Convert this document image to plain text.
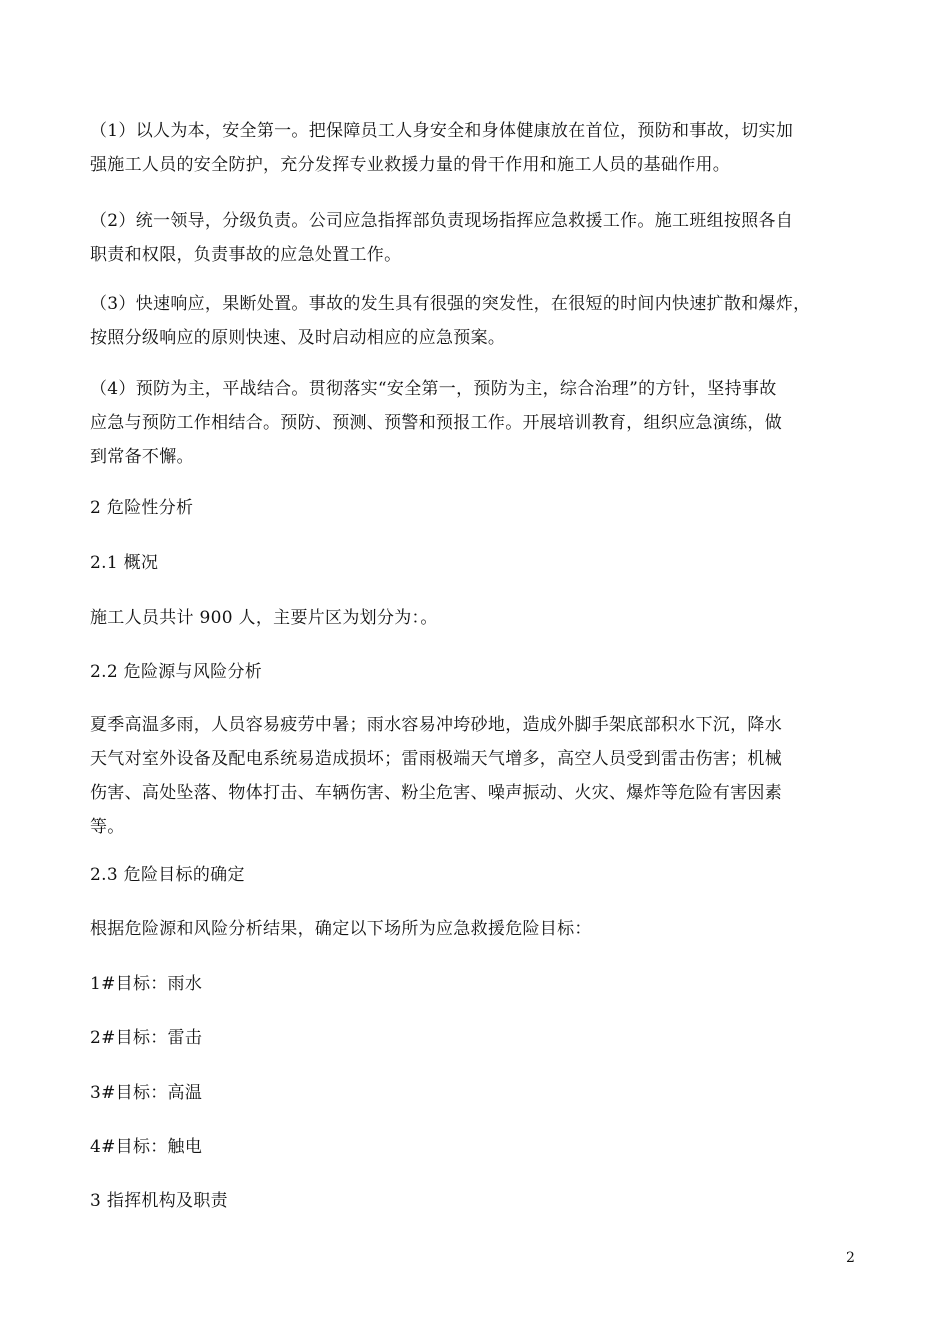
（1）以人为本，安全第一。把保障员工人身安全和身体健康放在首位，预防和事故，切实加
强施工人员的安全防护，充分发挥专业救援力量的骨干作用和施工人员的基础作用。

（2）统一领导，分级负责。公司应急指挥部负责现场指挥应急救援工作。施工班组按照各自
职责和权限，负责事故的应急处置工作。

（3）快速响应，果断处置。事故的发生具有很强的突发性，在很短的时间内快速扩散和爆炸，
按照分级响应的原则快速、及时启动相应的应急预案。

（4）预防为主，平战结合。贯彻落实“安全第一，预防为主，综合治理”的方针，坚持事故
应急与预防工作相结合。预防、预测、预警和预报工作。开展培训教育，组织应急演练，做
到常备不懈。

2 危险性分析

2.1 概况

施工人员共计 900 人，主要片区为划分为：。

2.2 危险源与风险分析

夏季高温多雨，人员容易疲劳中暑；雨水容易冲垮砂地，造成外脚手架底部积水下沉，降水
天气对室外设备及配电系统易造成损坏；雷雨极端天气增多，高空人员受到雷击伤害；机械
伤害、高处坠落、物体打击、车辆伤害、粉尘危害、噪声振动、火灾、爆炸等危险有害因素
等。

2.3 危险目标的确定

根据危险源和风险分析结果，确定以下场所为应急救援危险目标：

1#目标：雨水

2#目标：雷击

3#目标：高温

4#目标：触电

3 指挥机构及职责

2
